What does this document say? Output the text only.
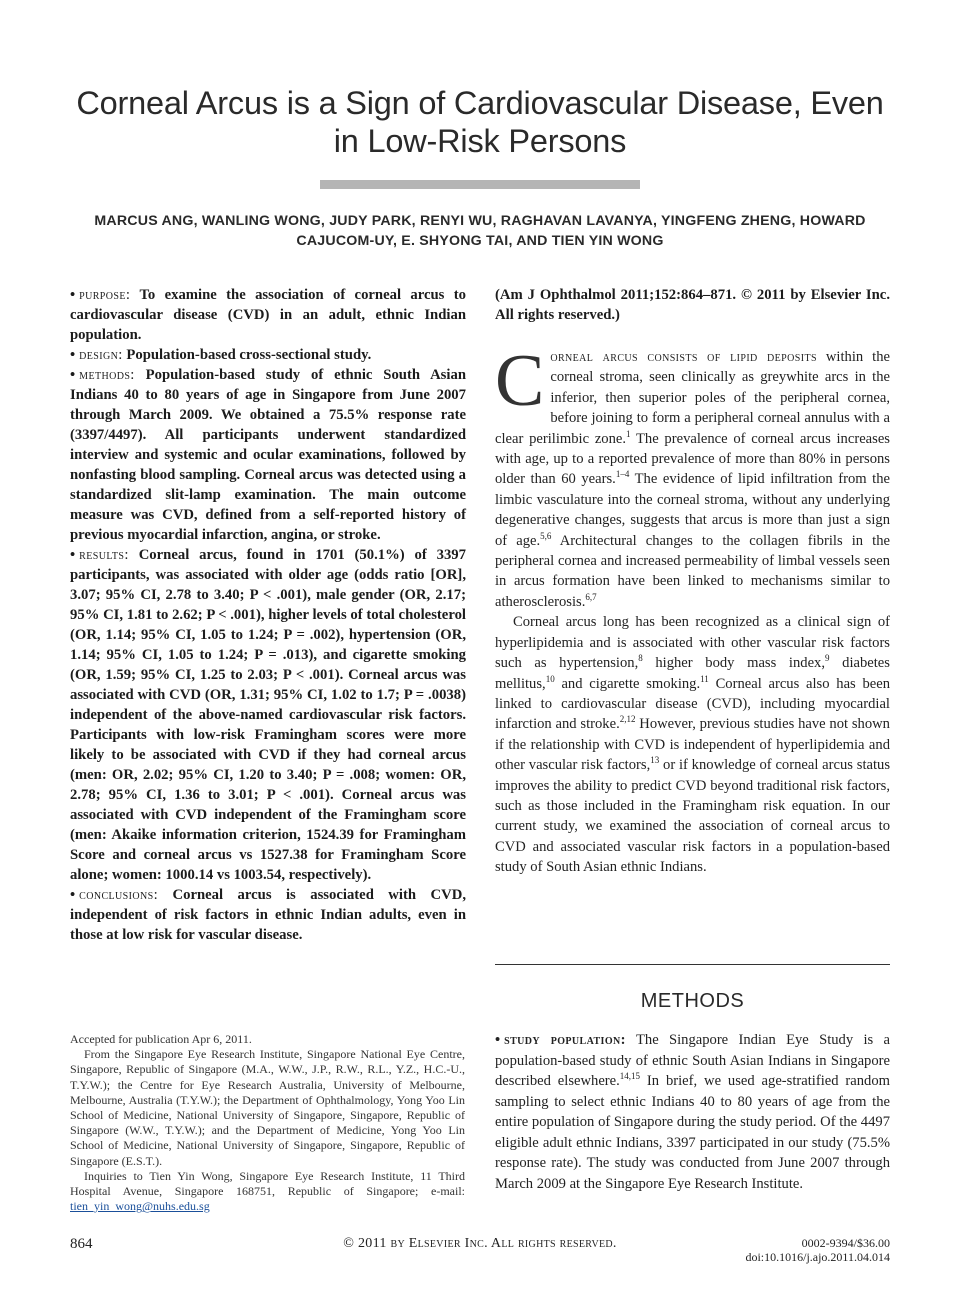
Corneal Arcus is a Sign of Cardiovascular Disease, Even in Low-Risk Persons
MARCUS ANG, WANLING WONG, JUDY PARK, RENYI WU, RAGHAVAN LAVANYA, YINGFENG ZHENG, HOWARD CAJUCOM-UY, E. SHYONG TAI, AND TIEN YIN WONG

• purpose: To examine the association of corneal arcus to cardiovascular disease (CVD) in an adult, ethnic Indian population.

• design: Population-based cross-sectional study.

• methods: Population-based study of ethnic South Asian Indians 40 to 80 years of age in Singapore from June 2007 through March 2009. We obtained a 75.5% response rate (3397/4497). All participants underwent standardized interview and systemic and ocular examinations, followed by nonfasting blood sampling. Corneal arcus was detected using a standardized slit-lamp examination. The main outcome measure was CVD, defined from a self-reported history of previous myocardial infarction, angina, or stroke.

• results: Corneal arcus, found in 1701 (50.1%) of 3397 participants, was associated with older age (odds ratio [OR], 3.07; 95% CI, 2.78 to 3.40; P < .001), male gender (OR, 2.17; 95% CI, 1.81 to 2.62; P < .001), higher levels of total cholesterol (OR, 1.14; 95% CI, 1.05 to 1.24; P = .002), hypertension (OR, 1.14; 95% CI, 1.05 to 1.24; P = .013), and cigarette smoking (OR, 1.59; 95% CI, 1.25 to 2.03; P < .001). Corneal arcus was associated with CVD (OR, 1.31; 95% CI, 1.02 to 1.7; P = .0038) independent of the above-named cardiovascular risk factors. Participants with low-risk Framingham scores were more likely to be associated with CVD if they had corneal arcus (men: OR, 2.02; 95% CI, 1.20 to 3.40; P = .008; women: OR, 2.78; 95% CI, 1.36 to 3.01; P < .001). Corneal arcus was associated with CVD independent of the Framingham score (men: Akaike information criterion, 1524.39 for Framingham Score and corneal arcus vs 1527.38 for Framingham Score alone; women: 1000.14 vs 1003.54, respectively).

• conclusions: Corneal arcus is associated with CVD, independent of risk factors in ethnic Indian adults, even in those at low risk for vascular disease.

(Am J Ophthalmol 2011;152:864–871. © 2011 by Elsevier Inc. All rights reserved.)

Corneal arcus consists of lipid deposits within the corneal stroma, seen clinically as greywhite arcs in the inferior, then superior poles of the peripheral cornea, before joining to form a peripheral corneal annulus with a clear perilimbic zone.$^1$ The prevalence of corneal arcus increases with age, up to a reported prevalence of more than 80% in persons older than 60 years.$^{1-4}$ The evidence of lipid infiltration from the limbic vasculature into the corneal stroma, without any underlying degenerative changes, suggests that arcus is more than just a sign of age.$^{5,6}$ Architectural changes to the collagen fibrils in the peripheral cornea and increased permeability of limbal vessels seen in arcus formation have been linked to mechanisms similar to atherosclerosis.$^{6,7}$

Corneal arcus long has been recognized as a clinical sign of hyperlipidemia and is associated with other vascular risk factors such as hypertension,$^8$ higher body mass index,$^9$ diabetes mellitus,$^{10}$ and cigarette smoking.$^{11}$ Corneal arcus also has been linked to cardiovascular disease (CVD), including myocardial infarction and stroke.$^{2,12}$ However, previous studies have not shown if the relationship with CVD is independent of hyperlipidemia and other vascular risk factors,$^{13}$ or if knowledge of corneal arcus status improves the ability to predict CVD beyond traditional risk factors, such as those included in the Framingham risk equation. In our current study, we examined the association of corneal arcus to CVD and associated vascular risk factors in a population-based study of South Asian ethnic Indians.

METHODS

• study population: The Singapore Indian Eye Study is a population-based study of ethnic South Asian Indians in Singapore described elsewhere.$^{14,15}$ In brief, we used age-stratified random sampling to select ethnic Indians 40 to 80 years of age from the entire population of Singapore during the study period. Of the 4497 eligible adult ethnic Indians, 3397 participated in our study (75.5% response rate). The study was conducted from June 2007 through March 2009 at the Singapore Eye Research Institute.

Accepted for publication Apr 6, 2011.

From the Singapore Eye Research Institute, Singapore National Eye Centre, Singapore, Republic of Singapore (M.A., W.W., J.P., R.W., R.L., Y.Z., H.C.-U., T.Y.W.); the Centre for Eye Research Australia, University of Melbourne, Melbourne, Australia (T.Y.W.); the Department of Ophthalmology, Yong Yoo Lin School of Medicine, National University of Singapore, Singapore, Republic of Singapore (W.W., T.Y.W.); and the Department of Medicine, Yong Yoo Lin School of Medicine, National University of Singapore, Singapore, Republic of Singapore (E.S.T.).

Inquiries to Tien Yin Wong, Singapore Eye Research Institute, 11 Third Hospital Avenue, Singapore 168751, Republic of Singapore; e-mail: tien_yin_wong@nuhs.edu.sg

864	© 2011 by Elsevier Inc. All rights reserved.	0002-9394/$36.00
doi:10.1016/j.ajo.2011.04.014
